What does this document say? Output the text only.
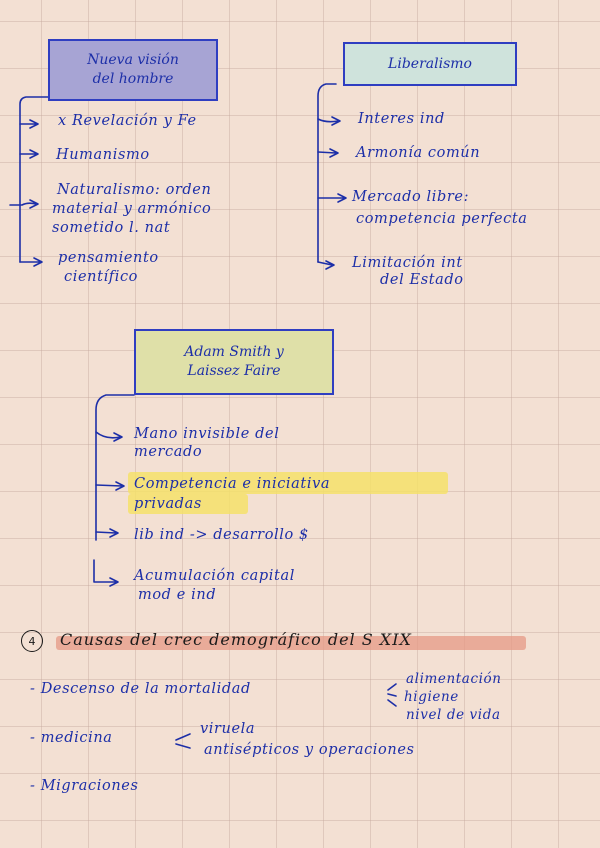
Nueva visión
del hombre
x Revelación y Fe
Humanismo
Naturalismo: orden
material y armónico
sometido l. nat
pensamiento
científico
Liberalismo
Interes ind
Armonía común
Mercado libre:
competencia perfecta
Limitación int
del Estado
Adam Smith y
Laissez Faire
Mano invisible del
mercado
Competencia e iniciativa
privadas
lib ind -> desarrollo $
Acumulación capital
mod e ind
4 Causas del crec demográfico del S XIX
- Descenso de la mortalidad
alimentación
higiene
nivel de vida
- medicina
viruela
antisépticos y operaciones
- Migraciones
